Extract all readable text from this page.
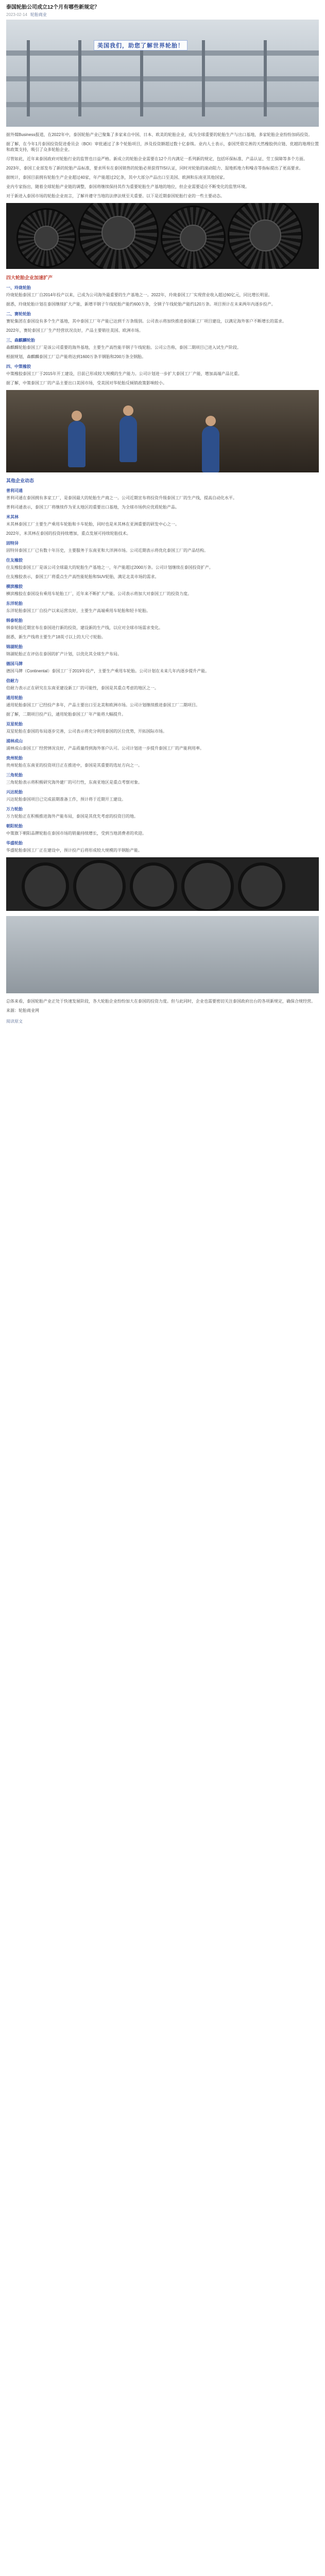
泰国轮胎公司成立12个月有哪些新规定？
2023-02-14 轮胎商业
美国我们，助您了解世界轮胎！

据外媒Business报道，在2022年中，泰国轮胎产业已聚集了多家来自中国、日本、欧美的轮胎企业，成为全球重要的轮胎生产与出口基地，多家轮胎企业纷纷加码投资。

据了解，在今年1月泰国投资促进委员会（BOI）审批通过了多个轮胎项目，涉及投资额超过数十亿泰铢。业内人士表示，泰国凭借完善的天然橡胶供应链、优越的地理位置和政策支持，吸引了众多轮胎企业。

尽管如此，近年来泰国政府对轮胎行业的监管也日益严格。新成立的轮胎企业需要在12个月内满足一系列新的规定，包括环保标准、产品认证、劳工保障等多个方面。

2023年，泰国工业部发布了新的轮胎产品标准，要求所有在泰国销售的轮胎必须获得TISI认证，同时对轮胎的滚动阻力、湿地抓地力和噪音等指标提出了更高要求。

据统计，泰国目前拥有轮胎生产企业超过40家，年产能超过2亿条，其中大部分产品出口至美国、欧洲和东南亚其他国家。

业内专家指出，随着全球轮胎产业链的调整，泰国将继续保持其作为重要轮胎生产基地的地位，但企业需要适应不断变化的监管环境。

对于新进入泰国市场的轮胎企业而言，了解并遵守当地的法律法规至关重要。以下是近期泰国轮胎行业的一些主要动态。

四大轮胎企业加速扩产
一、玲珑轮胎

玲珑轮胎泰国工厂自2014年投产以来，已成为公司海外最重要的生产基地之一。2022年，玲珑泰国工厂实现营业收入超过60亿元，同比增长明显。

据悉，玲珑轮胎计划在泰国继续扩大产能，新增半钢子午线轮胎产能约600万条，全钢子午线轮胎产能约120万条。项目预计在未来两年内逐步投产。

二、赛轮轮胎

赛轮集团在泰国设有多个生产基地，其中泰国工厂年产能已达到千万条级别。公司表示将加快推进泰国新工厂项目建设，以满足海外客户不断增长的需求。

2022年，赛轮泰国工厂生产经营状况良好，产品主要销往美国、欧洲市场。

三、森麒麟轮胎

森麒麟轮胎泰国工厂是该公司重要的海外基地，主要生产高性能半钢子午线轮胎。公司公告称，泰国二期项目已进入试生产阶段。

根据规划，森麒麟泰国工厂总产能将达到1600万条半钢胎和200万条全钢胎。

四、中策橡胶

中策橡胶泰国工厂于2015年开工建设，目前已形成较大规模的生产能力。公司计划进一步扩大泰国工厂产能，增加高端产品比重。

据了解，中策泰国工厂的产品主要出口美国市场，受美国对华轮胎反倾销政策影响较小。

其他企业动态
普利司通

普利司通在泰国拥有多家工厂，是泰国最大的轮胎生产商之一。公司近期宣布将投资升级泰国工厂的生产线，提高自动化水平。

普利司通表示，泰国工厂将继续作为亚太地区的重要出口基地，为全球市场供应优质轮胎产品。

米其林

米其林泰国工厂主要生产乘用车轮胎和卡车轮胎，同时也是米其林在亚洲重要的研发中心之一。

2022年，米其林在泰国的投资持续增加，重点发展可持续轮胎技术。

固特异

固特异泰国工厂已有数十年历史，主要服务于东南亚和大洋洲市场。公司近期表示将优化泰国工厂的产品结构。

住友橡胶

住友橡胶泰国工厂是该公司全球最大的轮胎生产基地之一，年产能超过2000万条。公司计划继续在泰国投资扩产。

住友橡胶表示，泰国工厂将重点生产高性能轮胎和SUV轮胎，满足北美市场的需求。

横滨橡胶

横滨橡胶在泰国设有乘用车轮胎工厂，近年来不断扩大产能。公司表示将加大对泰国工厂的投资力度。

东洋轮胎

东洋轮胎泰国工厂自投产以来运营良好，主要生产高端乘用车轮胎和轻卡轮胎。

韩泰轮胎

韩泰轮胎近期宣布在泰国进行新的投资，建设新的生产线，以应对全球市场需求变化。

据悉，新生产线将主要生产18英寸以上的大尺寸轮胎。

锦湖轮胎

锦湖轮胎正在评估在泰国的扩产计划，以优化其全球生产布局。

德国马牌

德国马牌（Continental）泰国工厂于2019年投产，主要生产乘用车轮胎。公司计划在未来几年内逐步提升产能。

倍耐力

倍耐力表示正在研究在东南亚建设新工厂的可能性，泰国是其重点考虑的地区之一。

通用轮胎

通用轮胎泰国工厂已经投产多年，产品主要出口至北美和欧洲市场。公司计划继续推进泰国工厂二期项目。

据了解，二期项目投产后，通用轮胎泰国工厂年产能将大幅提升。

双星轮胎

双星轮胎在泰国的布局逐步完善，公司表示将充分利用泰国的区位优势，开拓国际市场。

浦林成山

浦林成山泰国工厂经营情况良好，产品质量得到海外客户认可。公司计划进一步提升泰国工厂的产能利用率。

贵州轮胎

贵州轮胎在东南亚的投资项目正在推进中，泰国是其重要的选址方向之一。

三角轮胎

三角轮胎表示将积极研究海外建厂的可行性，东南亚地区是重点考察对象。

兴达轮胎

兴达轮胎泰国项目已完成前期准备工作，预计将于近期开工建设。

万力轮胎

万力轮胎正在积极推进海外产能布局，泰国是其优先考虑的投资目的地。

朝阳轮胎

中策旗下朝阳品牌轮胎在泰国市场的销量持续增长，受到当地消费者的欢迎。

华盛轮胎

华盛轮胎泰国工厂正在建设中，预计投产后将形成较大规模的半钢胎产能。

总体来看，泰国轮胎产业正处于快速发展阶段，各大轮胎企业纷纷加大在泰国的投资力度。但与此同时，企业也需要密切关注泰国政府出台的各项新规定，确保合规经营。

来源：轮胎商业网

阅读原文
